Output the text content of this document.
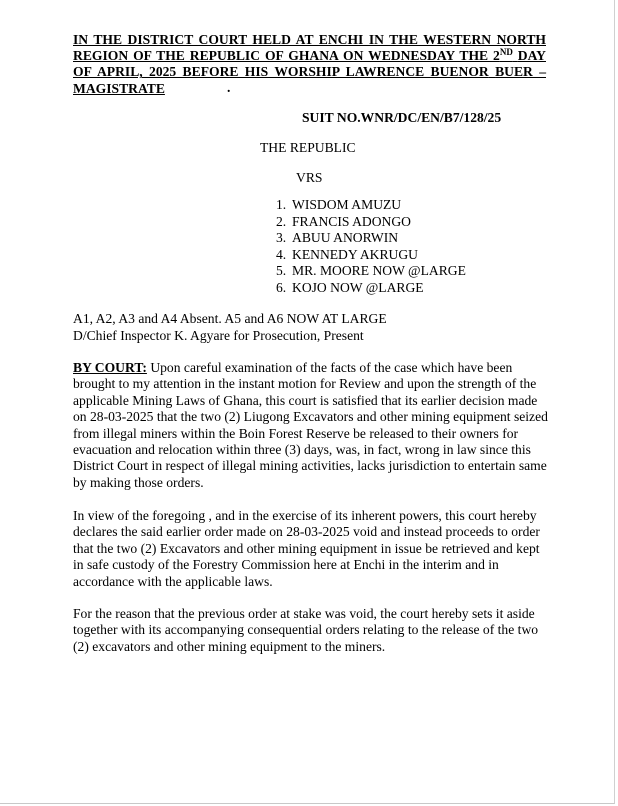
IN THE DISTRICT COURT HELD AT ENCHI IN THE WESTERN NORTH REGION OF THE REPUBLIC OF GHANA ON WEDNESDAY THE 2ND DAY OF APRIL, 2025 BEFORE HIS WORSHIP LAWRENCE BUENOR BUER – MAGISTRATE	.
SUIT NO.WNR/DC/EN/B7/128/25
THE REPUBLIC
VRS
1. WISDOM AMUZU
2. FRANCIS ADONGO
3. ABUU ANORWIN
4. KENNEDY AKRUGU
5. MR. MOORE NOW @LARGE
6. KOJO NOW @LARGE
A1, A2, A3 and A4 Absent. A5 and A6 NOW AT LARGE
D/Chief Inspector K. Agyare for Prosecution, Present

BY COURT: Upon careful examination of the facts of the case which have been brought to my attention in the instant motion for Review and upon the strength of the applicable Mining Laws of Ghana, this court is satisfied that its earlier decision made on 28-03-2025 that the two (2) Liugong Excavators and other mining equipment seized from illegal miners within the Boin Forest Reserve be released to their owners for evacuation and relocation within three (3) days, was, in fact, wrong in law since this District Court in respect of illegal mining activities, lacks jurisdiction to entertain same by making those orders.

In view of the foregoing , and in the exercise of its inherent powers, this court hereby declares the said earlier order made on 28-03-2025 void and instead proceeds to order that the two (2) Excavators and other mining equipment in issue be retrieved and kept in safe custody of the Forestry Commission here at Enchi in the interim and in accordance with the applicable laws.

For the reason that the previous order at stake was void, the court hereby sets it aside together with its accompanying consequential orders relating to the release of the two (2) excavators and other mining equipment to the miners.
